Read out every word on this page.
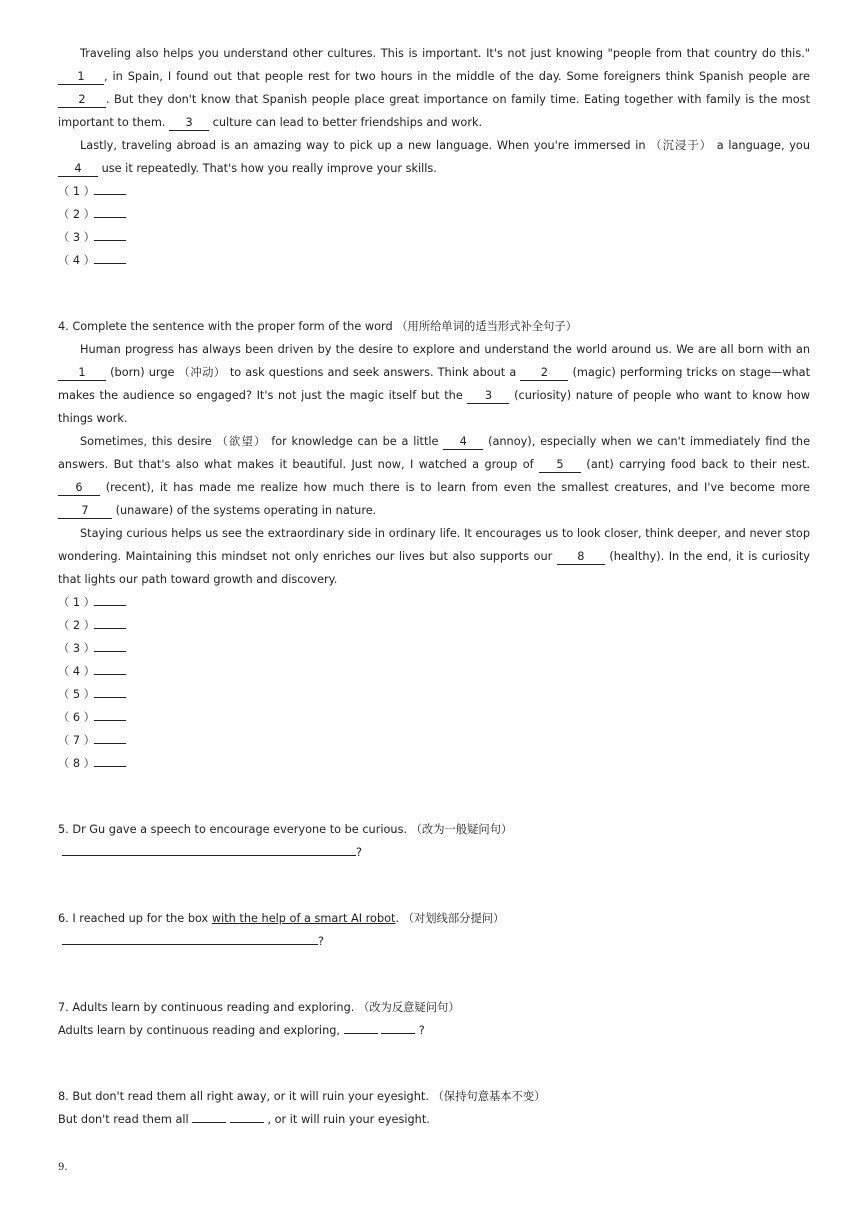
Traveling also helps you understand other cultures. This is important. It's not just knowing "people from that country do this." 1 , in Spain, I found out that people rest for two hours in the middle of the day. Some foreigners think Spanish people are 2 . But they don't know that Spanish people place great importance on family time. Eating together with family is the most important to them. 3 culture can lead to better friendships and work.

Lastly, traveling abroad is an amazing way to pick up a new language. When you're immersed in （沉浸于） a language, you 4 use it repeatedly. That's how you really improve your skills.

（ 1 ）
（ 2 ）
（ 3 ）
（ 4 ）
4. Complete the sentence with the proper form of the word （用所给单词的适当形式补全句子）

Human progress has always been driven by the desire to explore and understand the world around us. We are all born with an 1 (born) urge （冲动） to ask questions and seek answers. Think about a 2 (magic) performing tricks on stage—what makes the audience so engaged? It's not just the magic itself but the 3 (curiosity) nature of people who want to know how things work.

Sometimes, this desire （欲望） for knowledge can be a little 4 (annoy), especially when we can't immediately find the answers. But that's also what makes it beautiful. Just now, I watched a group of 5 (ant) carrying food back to their nest. 6 (recent), it has made me realize how much there is to learn from even the smallest creatures, and I've become more 7 (unaware) of the systems operating in nature.

Staying curious helps us see the extraordinary side in ordinary life. It encourages us to look closer, think deeper, and never stop wondering. Maintaining this mindset not only enriches our lives but also supports our 8 (healthy). In the end, it is curiosity that lights our path toward growth and discovery.

（ 1 ）
（ 2 ）
（ 3 ）
（ 4 ）
（ 5 ）
（ 6 ）
（ 7 ）
（ 8 ）
5. Dr Gu gave a speech to encourage everyone to be curious. （改为一般疑问句）
?
6. I reached up for the box with the help of a smart AI robot. （对划线部分提问）
?
7. Adults learn by continuous reading and exploring. （改为反意疑问句）
Adults learn by continuous reading and exploring,	?
8. But don't read them all right away, or it will ruin your eyesight. （保持句意基本不变）
But don't read them all	, or it will ruin your eyesight.
9.
